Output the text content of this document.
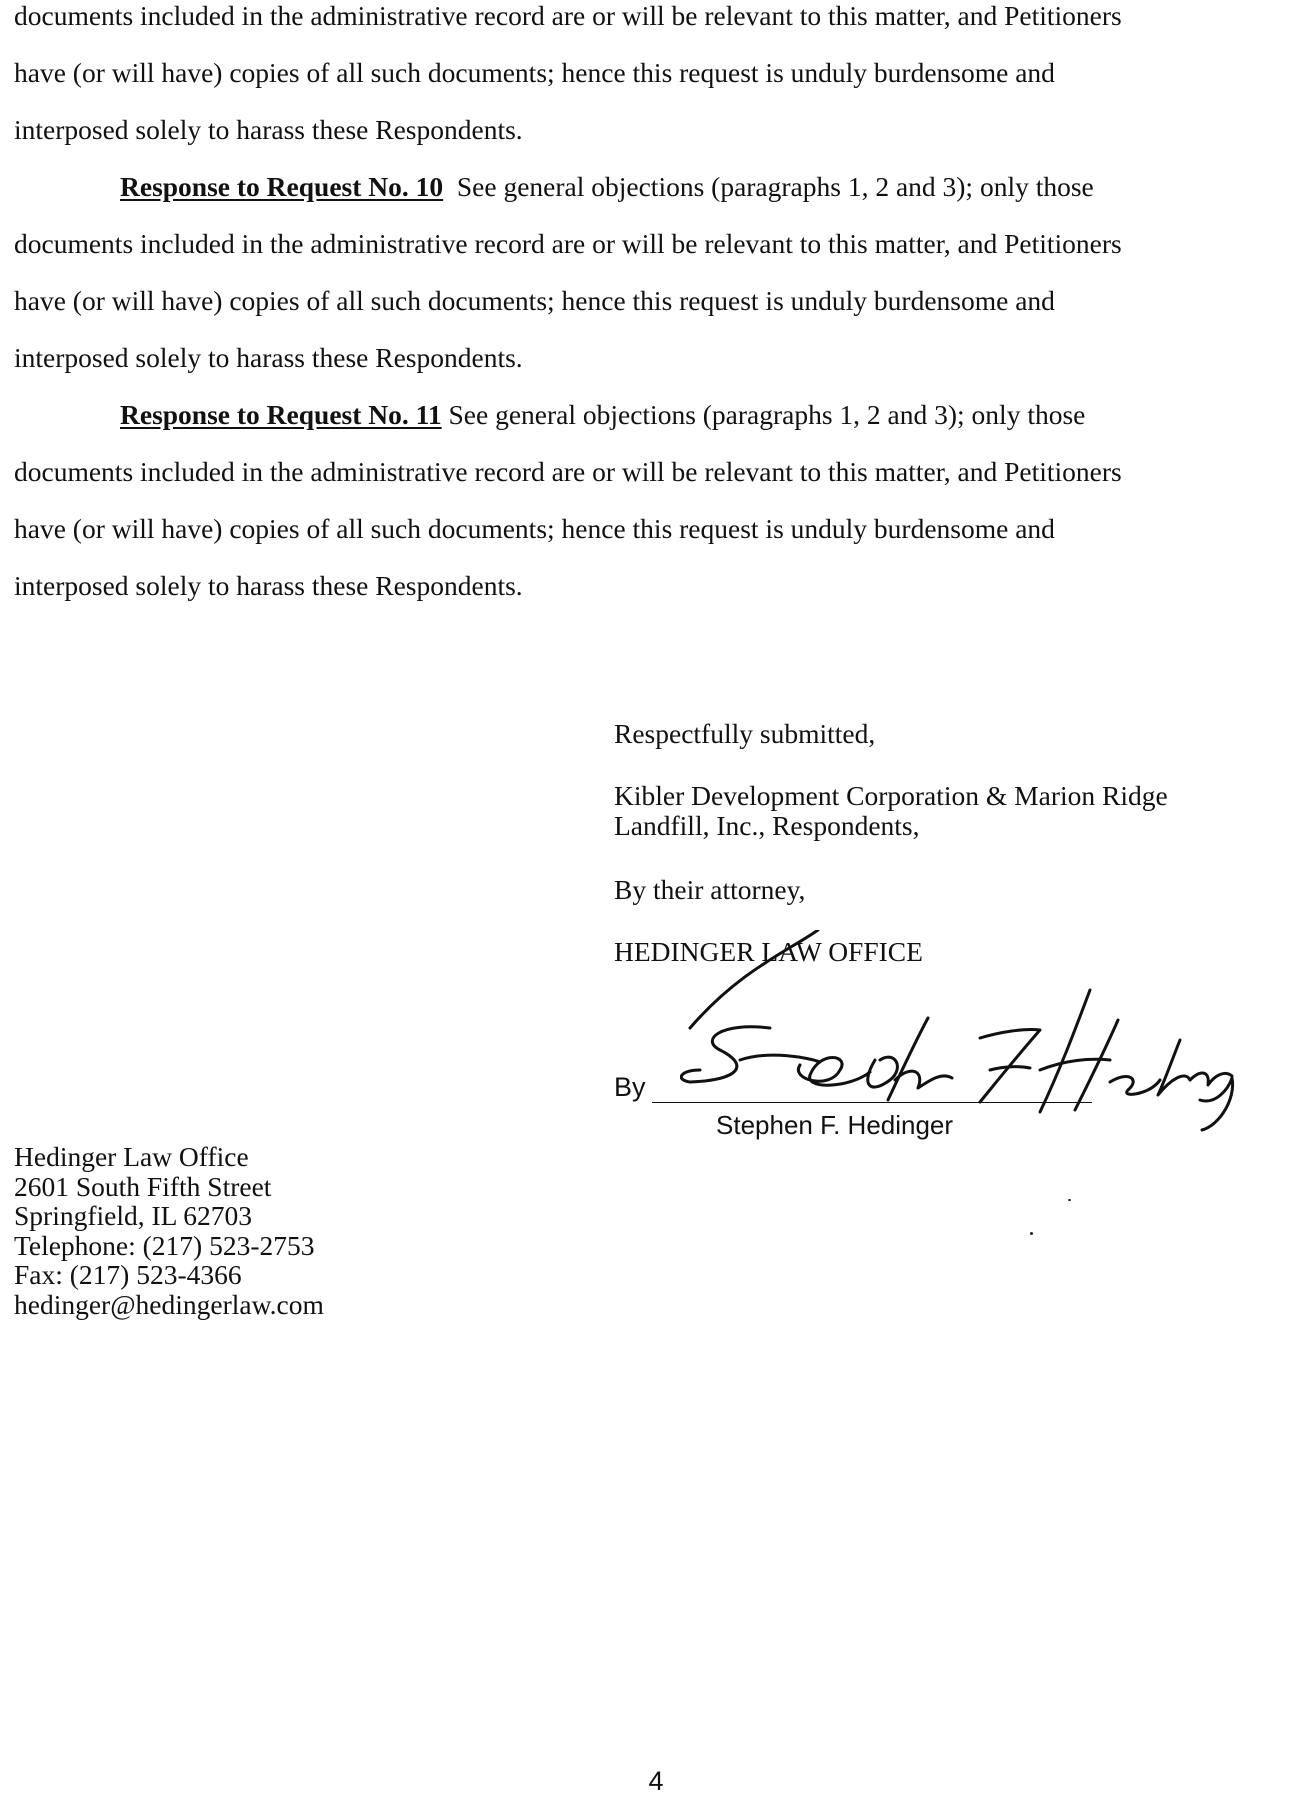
documents included in the administrative record are or will be relevant to this matter, and Petitioners
have (or will have) copies of all such documents; hence this request is unduly burdensome and
interposed solely to harass these Respondents.
Response to Request No. 10 See general objections (paragraphs 1, 2 and 3); only those
documents included in the administrative record are or will be relevant to this matter, and Petitioners
have (or will have) copies of all such documents; hence this request is unduly burdensome and
interposed solely to harass these Respondents.
Response to Request No. 11 See general objections (paragraphs 1, 2 and 3); only those
documents included in the administrative record are or will be relevant to this matter, and Petitioners
have (or will have) copies of all such documents; hence this request is unduly burdensome and
interposed solely to harass these Respondents.
Respectfully submitted,
Kibler Development Corporation & Marion Ridge
Landfill, Inc., Respondents,
By their attorney,
HEDINGER LAW OFFICE
By
Stephen F. Hedinger
Hedinger Law Office
2601 South Fifth Street
Springfield, IL 62703
Telephone: (217) 523-2753
Fax: (217) 523-4366
hedinger@hedingerlaw.com
4
